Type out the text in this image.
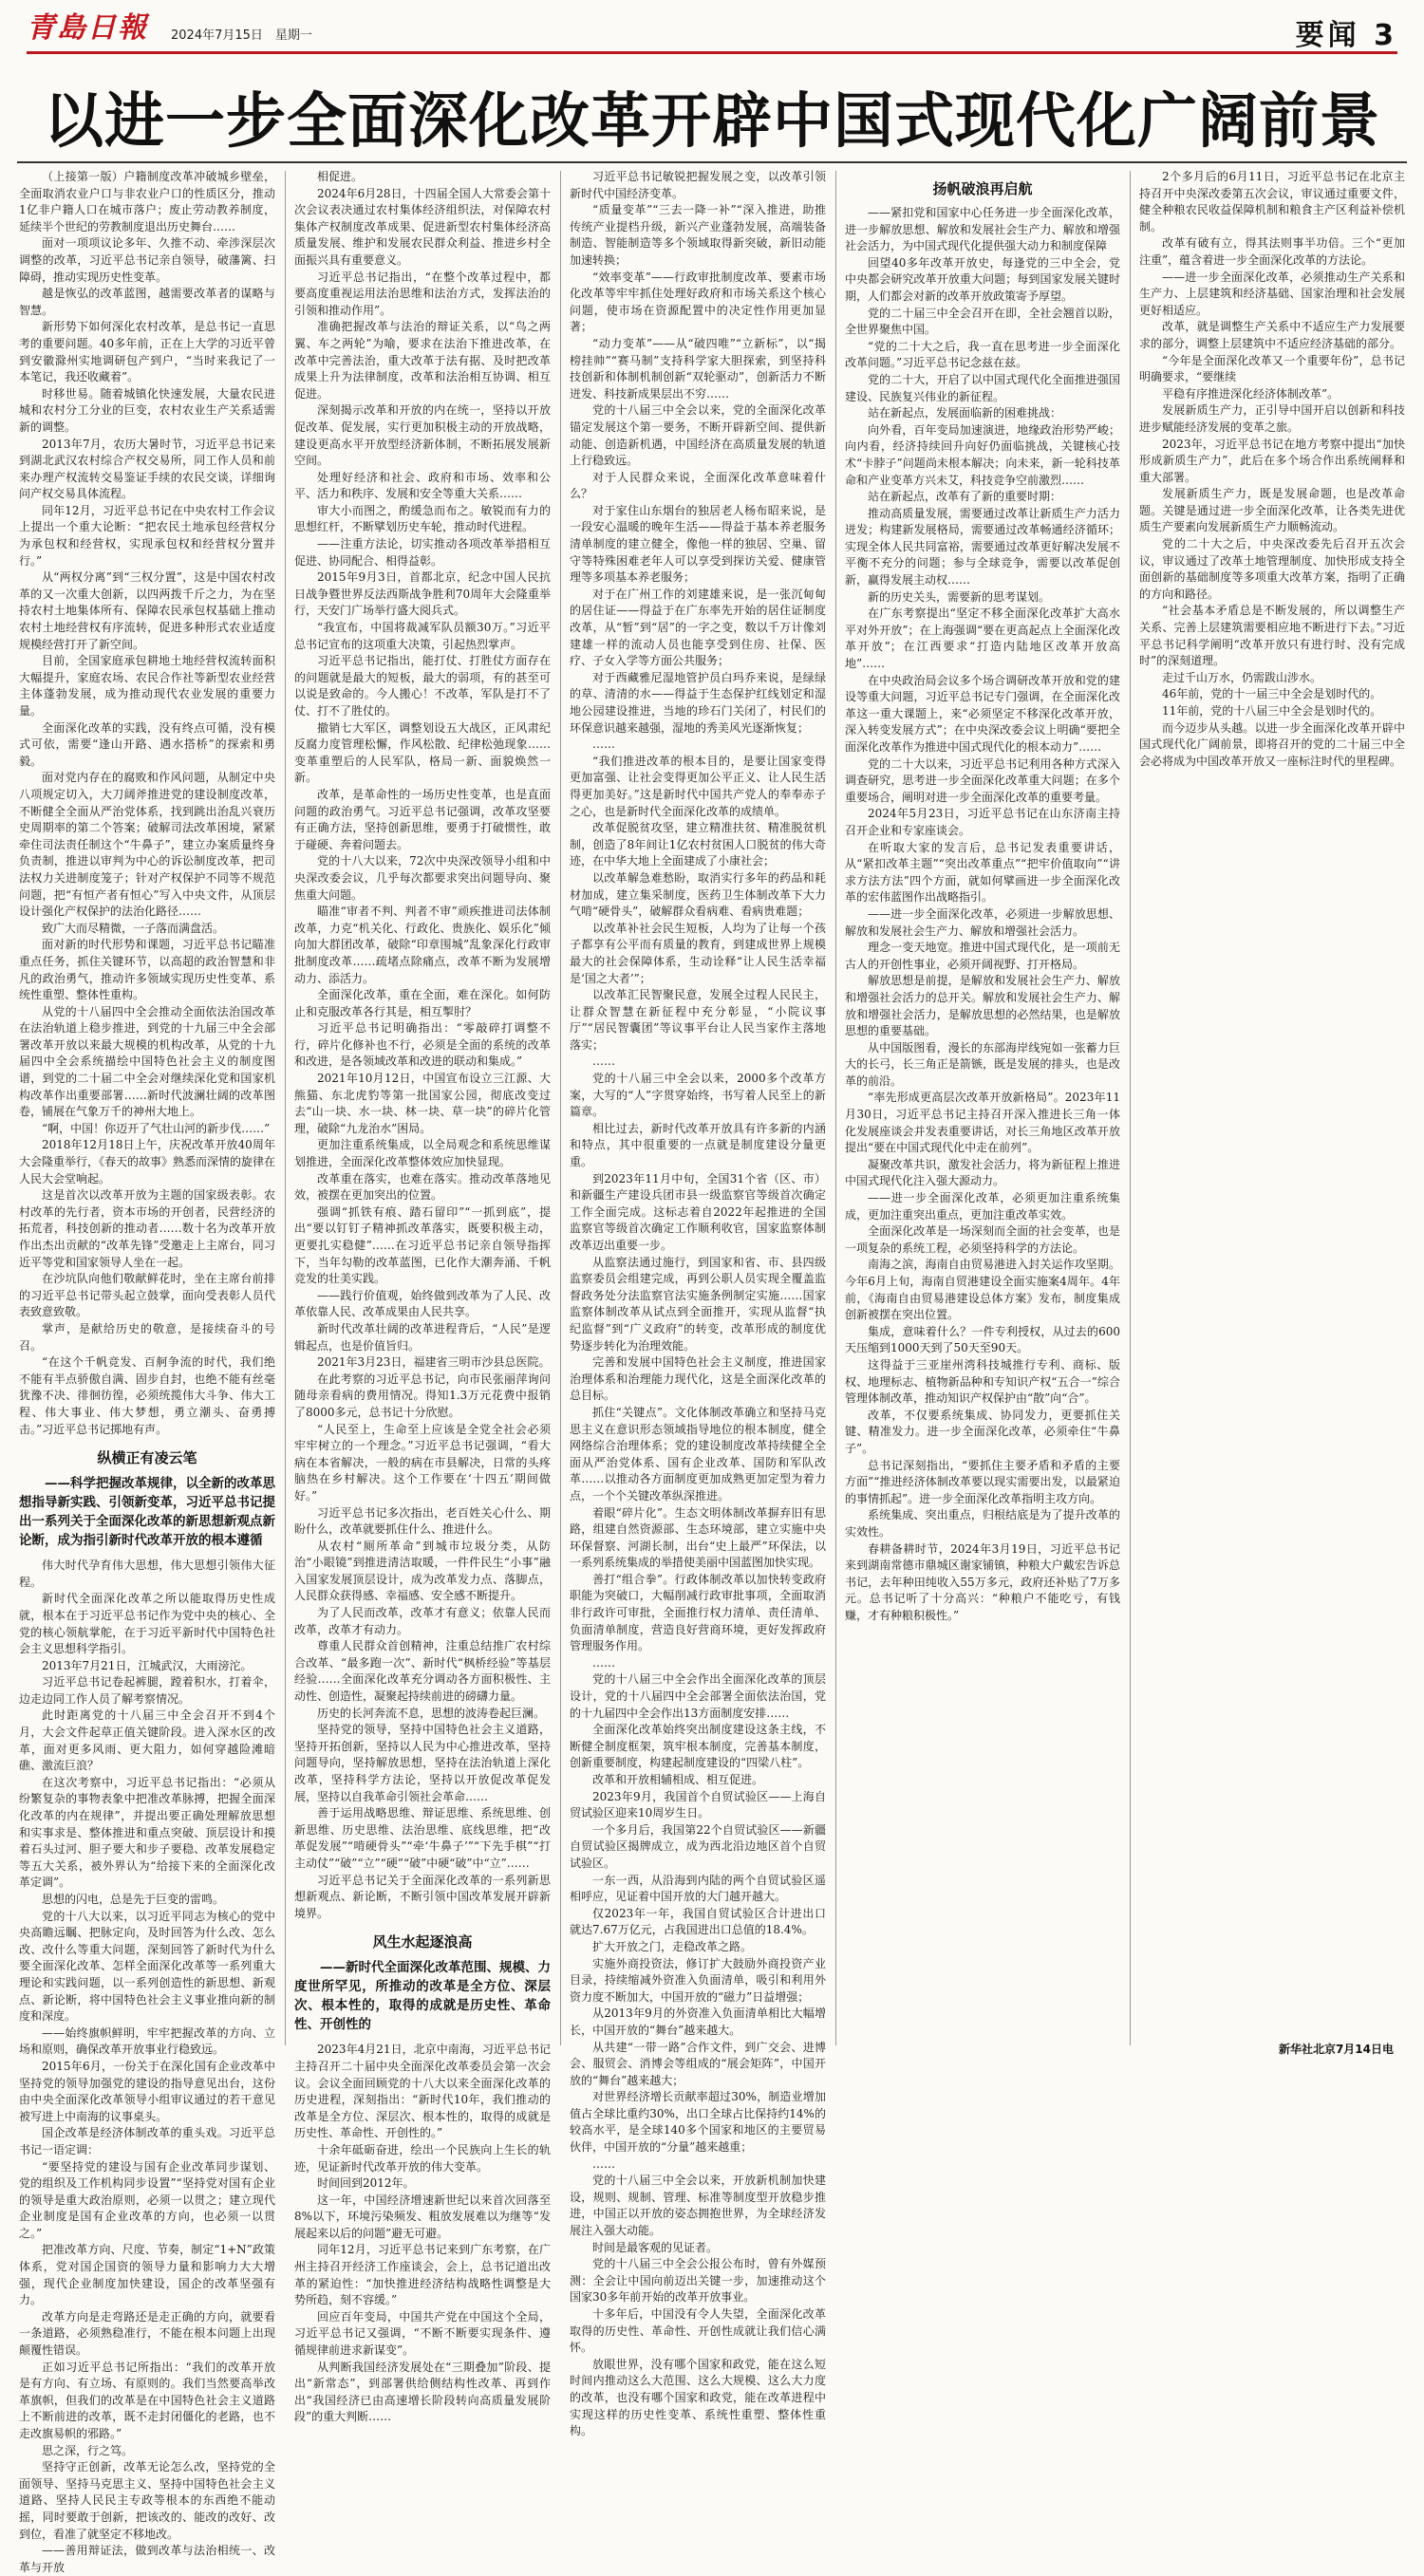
青島日報	2024年7月15日　星期一	要闻 3
以进一步全面深化改革开辟中国式现代化广阔前景

（上接第一版）户籍制度改革冲破城乡壁垒，全面取消农业户口与非农业户口的性质区分，推动1亿非户籍人口在城市落户；废止劳动教养制度，延续半个世纪的劳教制度退出历史舞台……

面对一项项议论多年、久推不动、牵涉深层次调整的改革，习近平总书记亲自领导，破藩篱、扫障碍，推动实现历史性变革。

越是恢弘的改革蓝图，越需要改革者的谋略与智慧。

新形势下如何深化农村改革，是总书记一直思考的重要问题。40多年前，正在上大学的习近平曾到安徽滁州实地调研包产到户，“当时来我记了一本笔记，我还收藏着”。

时移世易。随着城镇化快速发展，大量农民进城和农村分工分业的巨变，农村农业生产关系适需新的调整。

2013年7月，农历大暑时节，习近平总书记来到湖北武汉农村综合产权交易所，同工作人员和前来办理产权流转交易鉴证手续的农民交谈，详细询问产权交易具体流程。

同年12月，习近平总书记在中央农村工作会议上提出一个重大论断：“把农民土地承包经营权分为承包权和经营权，实现承包权和经营权分置并行。”

从“两权分离”到“三权分置”，这是中国农村改革的又一次重大创新，以四两拨千斤之力，为在坚持农村土地集体所有、保障农民承包权基础上推动农村土地经营权有序流转，促进多种形式农业适度规模经营打开了新空间。

目前，全国家庭承包耕地土地经营权流转面积大幅提升，家庭农场、农民合作社等新型农业经营主体蓬勃发展，成为推动现代农业发展的重要力量。

全面深化改革的实践，没有终点可循，没有模式可依，需要“逢山开路、遇水搭桥”的探索和勇毅。

面对党内存在的腐败和作风问题，从制定中央八项规定切入，大刀阔斧推进党的建设制度改革，不断健全全面从严治党体系，找到跳出治乱兴衰历史周期率的第二个答案；破解司法改革困境，紧紧牵住司法责任制这个“牛鼻子”，建立办案质量终身负责制，推进以审判为中心的诉讼制度改革，把司法权力关进制度笼子；针对产权保护不同等不规范问题，把“有恒产者有恒心”写入中央文件，从顶层设计强化产权保护的法治化路径……

致广大而尽精微，一子落而满盘活。

面对新的时代形势和课题，习近平总书记瞄准重点任务，抓住关键环节，以高超的政治智慧和非凡的政治勇气，推动许多领域实现历史性变革、系统性重塑、整体性重构。

从党的十八届四中全会推动全面依法治国改革在法治轨道上稳步推进，到党的十九届三中全会部署改革开放以来最大规模的机构改革，从党的十九届四中全会系统描绘中国特色社会主义的制度图谱，到党的二十届二中全会对继续深化党和国家机构改革作出重要部署……新时代波澜壮阔的改革图卷，铺展在气象万千的神州大地上。

“啊，中国！你迈开了气壮山河的新步伐……”

2018年12月18日上午，庆祝改革开放40周年大会隆重举行，《春天的故事》熟悉而深情的旋律在人民大会堂响起。

这是首次以改革开放为主题的国家级表彰。农村改革的先行者，资本市场的开创者，民营经济的拓荒者，科技创新的推动者……数十名为改革开放作出杰出贡献的“改革先锋”受邀走上主席台，同习近平等党和国家领导人坐在一起。

在沙坑队向他们敬献鲜花时，坐在主席台前排的习近平总书记带头起立鼓掌，面向受表彰人员代表致意致敬。

掌声，是献给历史的敬意，是接续奋斗的号召。

“在这个千帆竞发、百舸争流的时代，我们绝不能有半点骄傲自满、固步自封，也绝不能有丝毫犹豫不决、徘徊彷徨，必须统揽伟大斗争、伟大工程、伟大事业、伟大梦想，勇立潮头、奋勇搏击。”习近平总书记掷地有声。

纵横正有凌云笔

——科学把握改革规律，以全新的改革思想指导新实践、引领新变革，习近平总书记提出一系列关于全面深化改革的新思想新观点新论断，成为指引新时代改革开放的根本遵循

伟大时代孕育伟大思想，伟大思想引领伟大征程。

新时代全面深化改革之所以能取得历史性成就，根本在于习近平总书记作为党中央的核心、全党的核心领航掌舵，在于习近平新时代中国特色社会主义思想科学指引。

2013年7月21日，江城武汉，大雨滂沱。

习近平总书记卷起裤腿，蹚着积水，打着伞，边走边同工作人员了解考察情况。

此时距离党的十八届三中全会召开不到4个月，大会文件起草正值关键阶段。进入深水区的改革，面对更多风雨、更大阻力，如何穿越险滩暗礁、激流巨浪？

在这次考察中，习近平总书记指出：“必须从纷繁复杂的事物表象中把准改革脉搏，把握全面深化改革的内在规律”，并提出要正确处理解放思想和实事求是、整体推进和重点突破、顶层设计和摸着石头过河、胆子要大和步子要稳、改革发展稳定等五大关系，被外界认为“给接下来的全面深化改革定调”。

思想的闪电，总是先于巨变的雷鸣。

党的十八大以来，以习近平同志为核心的党中央高瞻远瞩、把脉定向，及时回答为什么改、怎么改、改什么等重大问题，深刻回答了新时代为什么要全面深化改革、怎样全面深化改革等一系列重大理论和实践问题，以一系列创造性的新思想、新观点、新论断，将中国特色社会主义事业推向新的制度和深度。

——始终旗帜鲜明，牢牢把握改革的方向、立场和原则，确保改革开放事业行稳致远。

2015年6月，一份关于在深化国有企业改革中坚持党的领导加强党的建设的指导意见出台，这份由中央全面深化改革领导小组审议通过的若干意见被写进上中南海的议事桌头。

国企改革是经济体制改革的重头戏。习近平总书记一语定调：

“要坚持党的建设与国有企业改革同步谋划、党的组织及工作机构同步设置”“坚持党对国有企业的领导是重大政治原则，必须一以贯之；建立现代企业制度是国有企业改革的方向，也必须一以贯之。”

把准改革方向、尺度、节奏，制定“1+N”政策体系，党对国企国资的领导力量和影响力大大增强，现代企业制度加快建设，国企的改革坚强有力。

改革方向是走弯路还是走正确的方向，就要看一条道路，必须熟稳准行，不能在根本问题上出现颠覆性错误。

正如习近平总书记所指出：“我们的改革开放是有方向、有立场、有原则的。我们当然要高举改革旗帜，但我们的改革是在中国特色社会主义道路上不断前进的改革，既不走封闭僵化的老路，也不走改旗易帜的邪路。”

思之深，行之笃。

坚持守正创新，改革无论怎么改，坚持党的全面领导、坚持马克思主义、坚持中国特色社会主义道路、坚持人民民主专政等根本的东西绝不能动摇，同时要敢于创新，把该改的、能改的改好、改到位，看准了就坚定不移地改。

——善用辩证法，做到改革与法治相统一、改革与开放

相促进。

2024年6月28日，十四届全国人大常委会第十次会议表决通过农村集体经济组织法，对保障农村集体产权制度改革成果、促进新型农村集体经济高质量发展、维护和发展农民群众利益、推进乡村全面振兴具有重要意义。

习近平总书记指出，“在整个改革过程中，都要高度重视运用法治思维和法治方式，发挥法治的引领和推动作用”。

准确把握改革与法治的辩证关系，以“鸟之两翼、车之两轮”为喻，要求在法治下推进改革，在改革中完善法治，重大改革于法有据、及时把改革成果上升为法律制度，改革和法治相互协调、相互促进。

深刻揭示改革和开放的内在统一，坚持以开放促改革、促发展，实行更加积极主动的开放战略，建设更高水平开放型经济新体制，不断拓展发展新空间。

处理好经济和社会、政府和市场、效率和公平、活力和秩序、发展和安全等重大关系……

审大小而图之，酌缓急而布之。敏锐而有力的思想红杆，不断擘划历史车轮，推动时代进程。

——注重方法论，切实推动各项改革举措相互促进、协同配合、相得益彰。

2015年9月3日，首都北京，纪念中国人民抗日战争暨世界反法西斯战争胜利70周年大会隆重举行，天安门广场举行盛大阅兵式。

“我宣布，中国将裁减军队员额30万。”习近平总书记宣布的这项重大决策，引起热烈掌声。

习近平总书记指出，能打仗、打胜仗方面存在的问题就是最大的短板，最大的弱项，有的甚至可以说是致命的。今人搬心！不改革，军队是打不了仗、打不了胜仗的。

撤销七大军区，调整划设五大战区，正风肃纪反腐力度管理松懈，作风松散、纪律松弛现象……变革重塑后的人民军队，格局一新、面貌焕然一新。

改革，是革命性的一场历史性变革，也是直面问题的政治勇气。习近平总书记强调，改革攻坚要有正确方法，坚持创新思维，要勇于打破惯性，敢于碰硬、奔着问题去。

党的十八大以来，72次中央深改领导小组和中央深改委会议，几乎每次都要求突出问题导向、聚焦重大问题。

瞄准“审者不判、判者不审”顽疾推进司法体制改革，力克“机关化、行政化、贵族化、娱乐化”倾向加大群团改革，破除“印章围城”乱象深化行政审批制度改革……疏堵点除痛点，改革不断为发展增动力、添活力。

全面深化改革，重在全面，难在深化。如何防止和克服改革各行其是，相互掣肘？

习近平总书记明确指出：“零敲碎打调整不行，碎片化修补也不行，必须是全面的系统的改革和改进，是各领域改革和改进的联动和集成。”

2021年10月12日，中国宣布设立三江源、大熊猫、东北虎豹等第一批国家公园，彻底改变过去“山一块、水一块、林一块、草一块”的碎片化管理，破除“九龙治水”困局。

更加注重系统集成，以全局观念和系统思维谋划推进，全面深化改革整体效应加快显现。

改革重在落实，也难在落实。推动改革落地见效，被摆在更加突出的位置。

强调“抓铁有痕、踏石留印”“一抓到底”，提出“要以钉钉子精神抓改革落实，既要积极主动，更要扎实稳健”……在习近平总书记亲自领导指挥下，当年勾勒的改革蓝图，已化作大潮奔涌、千帆竞发的壮美实践。

——践行价值观，始终做到改革为了人民、改革依靠人民、改革成果由人民共享。

新时代改革壮阔的改革进程背后，“人民”是逻辑起点，也是价值旨归。

2021年3月23日，福建省三明市沙县总医院。

在此考察的习近平总书记，向市民张丽萍询问随母亲看病的费用情况。得知1.3万元花费中报销了8000多元，总书记十分欣慰。

“人民至上，生命至上应该是全党全社会必须牢牢树立的一个理念。”习近平总书记强调，“看大病在本省解决，一般的病在市县解决，日常的头疼脑热在乡村解决。这个工作要在‘十四五’期间做好。”

习近平总书记多次指出，老百姓关心什么、期盼什么，改革就要抓住什么、推进什么。

从农村“厕所革命”到城市垃圾分类，从防治“小眼镜”到推进清洁取暖，一件件民生“小事”融入国家发展顶层设计，成为改革发力点、落脚点，人民群众获得感、幸福感、安全感不断提升。

为了人民而改革，改革才有意义；依靠人民而改革，改革才有动力。

尊重人民群众首创精神，注重总结推广农村综合改革、“最多跑一次”、新时代“枫桥经验”等基层经验……全面深化改革充分调动各方面积极性、主动性、创造性，凝聚起持续前进的磅礴力量。

历史的长河奔流不息，思想的波涛卷起巨澜。

坚持党的领导，坚持中国特色社会主义道路，坚持开拓创新，坚持以人民为中心推进改革，坚持问题导向，坚持解放思想，坚持在法治轨道上深化改革，坚持科学方法论，坚持以开放促改革促发展，坚持以自我革命引领社会革命……

善于运用战略思维、辩证思维、系统思维、创新思维、历史思维、法治思维、底线思维，把“改革促发展”“啃硬骨头”“牵‘牛鼻子’”“下先手棋”“打主动仗”“破”“立”“硬”“破”中硬“破”中“立”……

习近平总书记关于全面深化改革的一系列新思想新观点、新论断，不断引领中国改革发展开辟新境界。

风生水起逐浪高

——新时代全面深化改革范围、规模、力度世所罕见，所推动的改革是全方位、深层次、根本性的，取得的成就是历史性、革命性、开创性的

2023年4月21日，北京中南海，习近平总书记主持召开二十届中央全面深化改革委员会第一次会议。会议全面回顾党的十八大以来全面深化改革的历史进程，深刻指出：“新时代10年，我们推动的改革是全方位、深层次、根本性的，取得的成就是历史性、革命性、开创性的。”

十余年砥砺奋进，绘出一个民族向上生长的轨迹，见证新时代改革开放的伟大变革。

时间回到2012年。

这一年，中国经济增速新世纪以来首次回落至8%以下，环境污染频发、粗放发展难以为继等“发展起来以后的问题”避无可避。

同年12月，习近平总书记来到广东考察，在广州主持召开经济工作座谈会，会上，总书记道出改革的紧迫性：“加快推进经济结构战略性调整是大势所趋，刻不容缓。”

回应百年变局，中国共产党在中国这个全局，习近平总书记又强调，“不断不断要实现条件、遵循规律前进求新谋变”。

从判断我国经济发展处在“三期叠加”阶段、提出“新常态”，到部署供给侧结构性改革、再到作出“我国经济已由高速增长阶段转向高质量发展阶段”的重大判断……

习近平总书记敏锐把握发展之变，以改革引领新时代中国经济变革。

“质量变革”“三去一降一补”“深入推进，助推传统产业提档升级，新兴产业蓬勃发展，高端装备制造、智能制造等多个领域取得新突破，新旧动能加速转换；

“效率变革”——行政审批制度改革、要素市场化改革等牢牢抓住处理好政府和市场关系这个核心问题，使市场在资源配置中的决定性作用更加显著；

“动力变革”——从“破四唯”“立新标”，以“揭榜挂帅”“赛马制”支持科学家大胆探索，到坚持科技创新和体制机制创新“双轮驱动”，创新活力不断迸发、科技新成果层出不穷……

党的十八届三中全会以来，党的全面深化改革锚定发展这个第一要务，不断开辟新空间、提供新动能、创造新机遇，中国经济在高质量发展的轨道上行稳致远。

对于人民群众来说，全面深化改革意味着什么？

对于家住山东烟台的独居老人杨布昭来说，是一段安心温暖的晚年生活——得益于基本养老服务清单制度的建立健全，像他一样的独居、空巢、留守等特殊困难老年人可以享受到探访关爱、健康管理等多项基本养老服务；

对于在广州工作的刘建雄来说，是一张沉甸甸的居住证——得益于在广东率先开始的居住证制度改革，从“暂”到“居”的一字之变，数以千万计像刘建雄一样的流动人员也能享受到住房、社保、医疗、子女入学等方面公共服务；

对于西藏雅尼湿地管护员白玛乔来说，是绿绿的草、清清的水——得益于生态保护红线划定和湿地公园建设推进，当地的珍石门关闭了，村民们的环保意识越来越强，湿地的秀美风光逐渐恢复；

……

“我们推进改革的根本目的，是要让国家变得更加富强、让社会变得更加公平正义、让人民生活得更加美好。”这是新时代中国共产党人的奉奉赤子之心，也是新时代全面深化改革的成绩单。

改革促脱贫攻坚，建立精准扶贫、精准脱贫机制，创造了8年间让1亿农村贫困人口脱贫的伟大奇迹，在中华大地上全面建成了小康社会；

以改革解急难愁盼，取消实行多年的药品和耗材加成，建立集采制度，医药卫生体制改革下大力气啃“硬骨头”，破解群众看病难、看病贵难题；

以改革补社会民生短板，人均为了让每一个孩子都享有公平而有质量的教育，到建成世界上规模最大的社会保障体系，生动诠释“让人民生活幸福是‘国之大者’”；

以改革汇民智聚民意，发展全过程人民民主，让群众智慧在新征程中充分彰显，“小院议事厅”“居民智囊团”等议事平台让人民当家作主落地落实；

……

党的十八届三中全会以来，2000多个改革方案，大写的“人”字贯穿始终，书写着人民至上的新篇章。

相比过去，新时代改革开放具有许多新的内涵和特点，其中很重要的一点就是制度建设分量更重。

到2023年11月中旬，全国31个省（区、市）和新疆生产建设兵团市县一级监察官等级首次确定工作全面完成。这标志着自2022年起推进的全国监察官等级首次确定工作顺利收官，国家监察体制改革迈出重要一步。

从监察法通过施行，到国家和省、市、县四级监察委员会组建完成，再到公职人员实现全覆盖监督政务处分法监察官法实施条例制定实施……国家监察体制改革从试点到全面推开，实现从监督“执纪监督”到“广义政府”的转变，改革形成的制度优势逐步转化为治理效能。

完善和发展中国特色社会主义制度，推进国家治理体系和治理能力现代化，这是全面深化改革的总目标。

抓住“关键点”。文化体制改革确立和坚持马克思主义在意识形态领域指导地位的根本制度，健全网络综合治理体系；党的建设制度改革持续健全全面从严治党体系、国有企业改革、国防和军队改革……以推动各方面制度更加成熟更加定型为着力点，一个个关键改革纵深推进。

着眼“碎片化”。生态文明体制改革摒弃旧有思路，组建自然资源部、生态环境部，建立实施中央环保督察、河湖长制，出台“史上最严”环保法，以一系列系统集成的举措使美丽中国蓝图加快实现。

善打“组合拳”。行政体制改革以加快转变政府职能为突破口，大幅削减行政审批事项，全面取消非行政许可审批，全面推行权力清单、责任清单、负面清单制度，营造良好营商环境，更好发挥政府管理服务作用。

……

党的十八届三中全会作出全面深化改革的顶层设计，党的十八届四中全会部署全面依法治国，党的十九届四中全会作出13方面制度安排……

全面深化改革始终突出制度建设这条主线，不断健全制度框架，筑牢根本制度，完善基本制度，创新重要制度，构建起制度建设的“四梁八柱”。

改革和开放相辅相成、相互促进。

2023年9月，我国首个自贸试验区——上海自贸试验区迎来10周岁生日。

一个多月后，我国第22个自贸试验区——新疆自贸试验区揭牌成立，成为西北沿边地区首个自贸试验区。

一东一西，从沿海到内陆的两个自贸试验区遥相呼应，见证着中国开放的大门越开越大。

仅2023年一年，我国自贸试验区合计进出口就达7.67万亿元，占我国进出口总值的18.4%。

扩大开放之门，走稳改革之路。

实施外商投资法，修订扩大鼓励外商投资产业目录，持续缩减外资准入负面清单，吸引和利用外资力度不断加大，中国开放的“磁力”日益增强；

从2013年9月的外资准入负面清单相比大幅增长，中国开放的“舞台”越来越大。

从共建“一带一路”合作文件，到广交会、进博会、服贸会、消博会等组成的“展会矩阵”，中国开放的“舞台”越来越大；

对世界经济增长贡献率超过30%，制造业增加值占全球比重约30%，出口全球占比保持约14%的较高水平，是全球140多个国家和地区的主要贸易伙伴，中国开放的“分量”越来越重；

……

党的十八届三中全会以来，开放新机制加快建设，规则、规制、管理、标准等制度型开放稳步推进，中国正以开放的姿态拥抱世界，为全球经济发展注入强大动能。

时间是最客观的见证者。

党的十八届三中全会公报公布时，曾有外媒预测：全会让中国向前迈出关键一步，加速推动这个国家30多年前开始的改革开放事业。

十多年后，中国没有令人失望，全面深化改革取得的历史性、革命性、开创性成就让我们信心满怀。

放眼世界，没有哪个国家和政党，能在这么短时间内推动这么大范围、这么大规模、这么大力度的改革，也没有哪个国家和政党，能在改革进程中实现这样的历史性变革、系统性重塑、整体性重构。

扬帆破浪再启航

——紧扣党和国家中心任务进一步全面深化改革，进一步解放思想、解放和发展社会生产力、解放和增强社会活力，为中国式现代化提供强大动力和制度保障

回望40多年改革开放史，每逢党的三中全会，党中央都会研究改革开放重大问题；每到国家发展关键时期，人们都会对新的改革开放政策寄予厚望。

党的二十届三中全会召开在即，全社会翘首以盼，全世界聚焦中国。

“党的二十大之后，我一直在思考进一步全面深化改革问题。”习近平总书记念兹在兹。

党的二十大，开启了以中国式现代化全面推进强国建设、民族复兴伟业的新征程。

站在新起点，发展面临新的困难挑战：

向外看，百年变局加速演进，地缘政治形势严峻；向内看，经济持续回升向好仍面临挑战，关键核心技术“卡脖子”问题尚未根本解决；向未来，新一轮科技革命和产业变革方兴未艾，科技竞争空前激烈……

站在新起点，改革有了新的重要时期：

推动高质量发展，需要通过改革让新质生产力活力迸发；构建新发展格局，需要通过改革畅通经济循环；实现全体人民共同富裕，需要通过改革更好解决发展不平衡不充分的问题；参与全球竞争，需要以改革促创新，赢得发展主动权……

新的历史关头，需要新的思考谋划。

在广东考察提出“坚定不移全面深化改革扩大高水平对外开放”；在上海强调“要在更高起点上全面深化改革开放”；在江西要求“打造内陆地区改革开放高地”……

在中央政治局会议多个场合调研改革开放和党的建设等重大问题，习近平总书记专门强调，在全面深化改革这一重大课题上，来“必须坚定不移深化改革开放，深入转变发展方式”；在中央深改委会议上明确“要把全面深化改革作为推进中国式现代化的根本动力”……

党的二十大以来，习近平总书记利用各种方式深入调查研究，思考进一步全面深化改革重大问题；在多个重要场合，阐明对进一步全面深化改革的重要考量。

2024年5月23日，习近平总书记在山东济南主持召开企业和专家座谈会。

在听取大家的发言后，总书记发表重要讲话，从“紧扣改革主题”“突出改革重点”“把牢价值取向”“讲求方法方法”四个方面，就如何擘画进一步全面深化改革的宏伟蓝图作出战略指引。

——进一步全面深化改革，必须进一步解放思想、解放和发展社会生产力、解放和增强社会活力。

理念一变天地宽。推进中国式现代化，是一项前无古人的开创性事业，必须开阔视野、打开格局。

解放思想是前提，是解放和发展社会生产力、解放和增强社会活力的总开关。解放和发展社会生产力、解放和增强社会活力，是解放思想的必然结果，也是解放思想的重要基础。

从中国版图看，漫长的东部海岸线宛如一张蓄力巨大的长弓，长三角正是箭镞，既是发展的排头，也是改革的前沿。

“率先形成更高层次改革开放新格局”。2023年11月30日，习近平总书记主持召开深入推进长三角一体化发展座谈会并发表重要讲话，对长三角地区改革开放提出“要在中国式现代化中走在前列”。

凝聚改革共识，激发社会活力，将为新征程上推进中国式现代化注入强大源动力。

——进一步全面深化改革，必须更加注重系统集成，更加注重突出重点，更加注重改革实效。

全面深化改革是一场深刻而全面的社会变革，也是一项复杂的系统工程，必须坚持科学的方法论。

南海之滨，海南自由贸易港进入封关运作攻坚期。今年6月上旬，海南自贸港建设全面实施案4周年。4年前，《海南自由贸易港建设总体方案》发布，制度集成创新被摆在突出位置。

集成，意味着什么？一件专利授权，从过去的600天压缩到1000天到了50天至90天。

这得益于三亚崖州湾科技城推行专利、商标、版权、地理标志、植物新品种和专知识产权“五合一”综合管理体制改革，推动知识产权保护由“散”向“合”。

改革，不仅要系统集成、协同发力，更要抓住关键、精准发力。进一步全面深化改革，必须牵住“牛鼻子”。

总书记深刻指出，“要抓住主要矛盾和矛盾的主要方面”“推进经济体制改革要以现实需要出发，以最紧迫的事情抓起”。进一步全面深化改革指明主攻方向。

系统集成、突出重点，归根结底是为了提升改革的实效性。

春耕备耕时节，2024年3月19日，习近平总书记来到湖南常德市鼎城区谢家铺镇，种粮大户戴宏告诉总书记，去年种田纯收入55万多元，政府还补贴了7万多元。总书记听了十分高兴：“种粮户不能吃亏，有钱赚，才有种粮积极性。”

2个多月后的6月11日，习近平总书记在北京主持召开中央深改委第五次会议，审议通过重要文件，健全种粮农民收益保障机制和粮食主产区利益补偿机制。

改革有破有立，得其法则事半功倍。三个“更加注重”，蕴含着进一步全面深化改革的方法论。

——进一步全面深化改革，必须推动生产关系和生产力、上层建筑和经济基础、国家治理和社会发展更好相适应。

改革，就是调整生产关系中不适应生产力发展要求的部分，调整上层建筑中不适应经济基础的部分。

“今年是全面深化改革又一个重要年份”，总书记明确要求，“要继续

平稳有序推进深化经济体制改革”。

发展新质生产力，正引导中国开启以创新和科技进步赋能经济发展的变革之旅。

2023年，习近平总书记在地方考察中提出“加快形成新质生产力”，此后在多个场合作出系统阐释和重大部署。

发展新质生产力，既是发展命题，也是改革命题。关键是通过进一步全面深化改革，让各类先进优质生产要素向发展新质生产力顺畅流动。

党的二十大之后，中央深改委先后召开五次会议，审议通过了改革土地管理制度、加快形成支持全面创新的基础制度等多项重大改革方案，指明了正确的方向和路径。

“社会基本矛盾总是不断发展的，所以调整生产关系、完善上层建筑需要相应地不断进行下去。”习近平总书记科学阐明“改革开放只有进行时、没有完成时”的深刻道理。

走过千山万水，仍需跋山涉水。

46年前，党的十一届三中全会是划时代的。

11年前，党的十八届三中全会是划时代的。

而今迈步从头越。以进一步全面深化改革开辟中国式现代化广阔前景，即将召开的党的二十届三中全会必将成为中国改革开放又一座标注时代的里程碑。

新华社北京7月14日电
